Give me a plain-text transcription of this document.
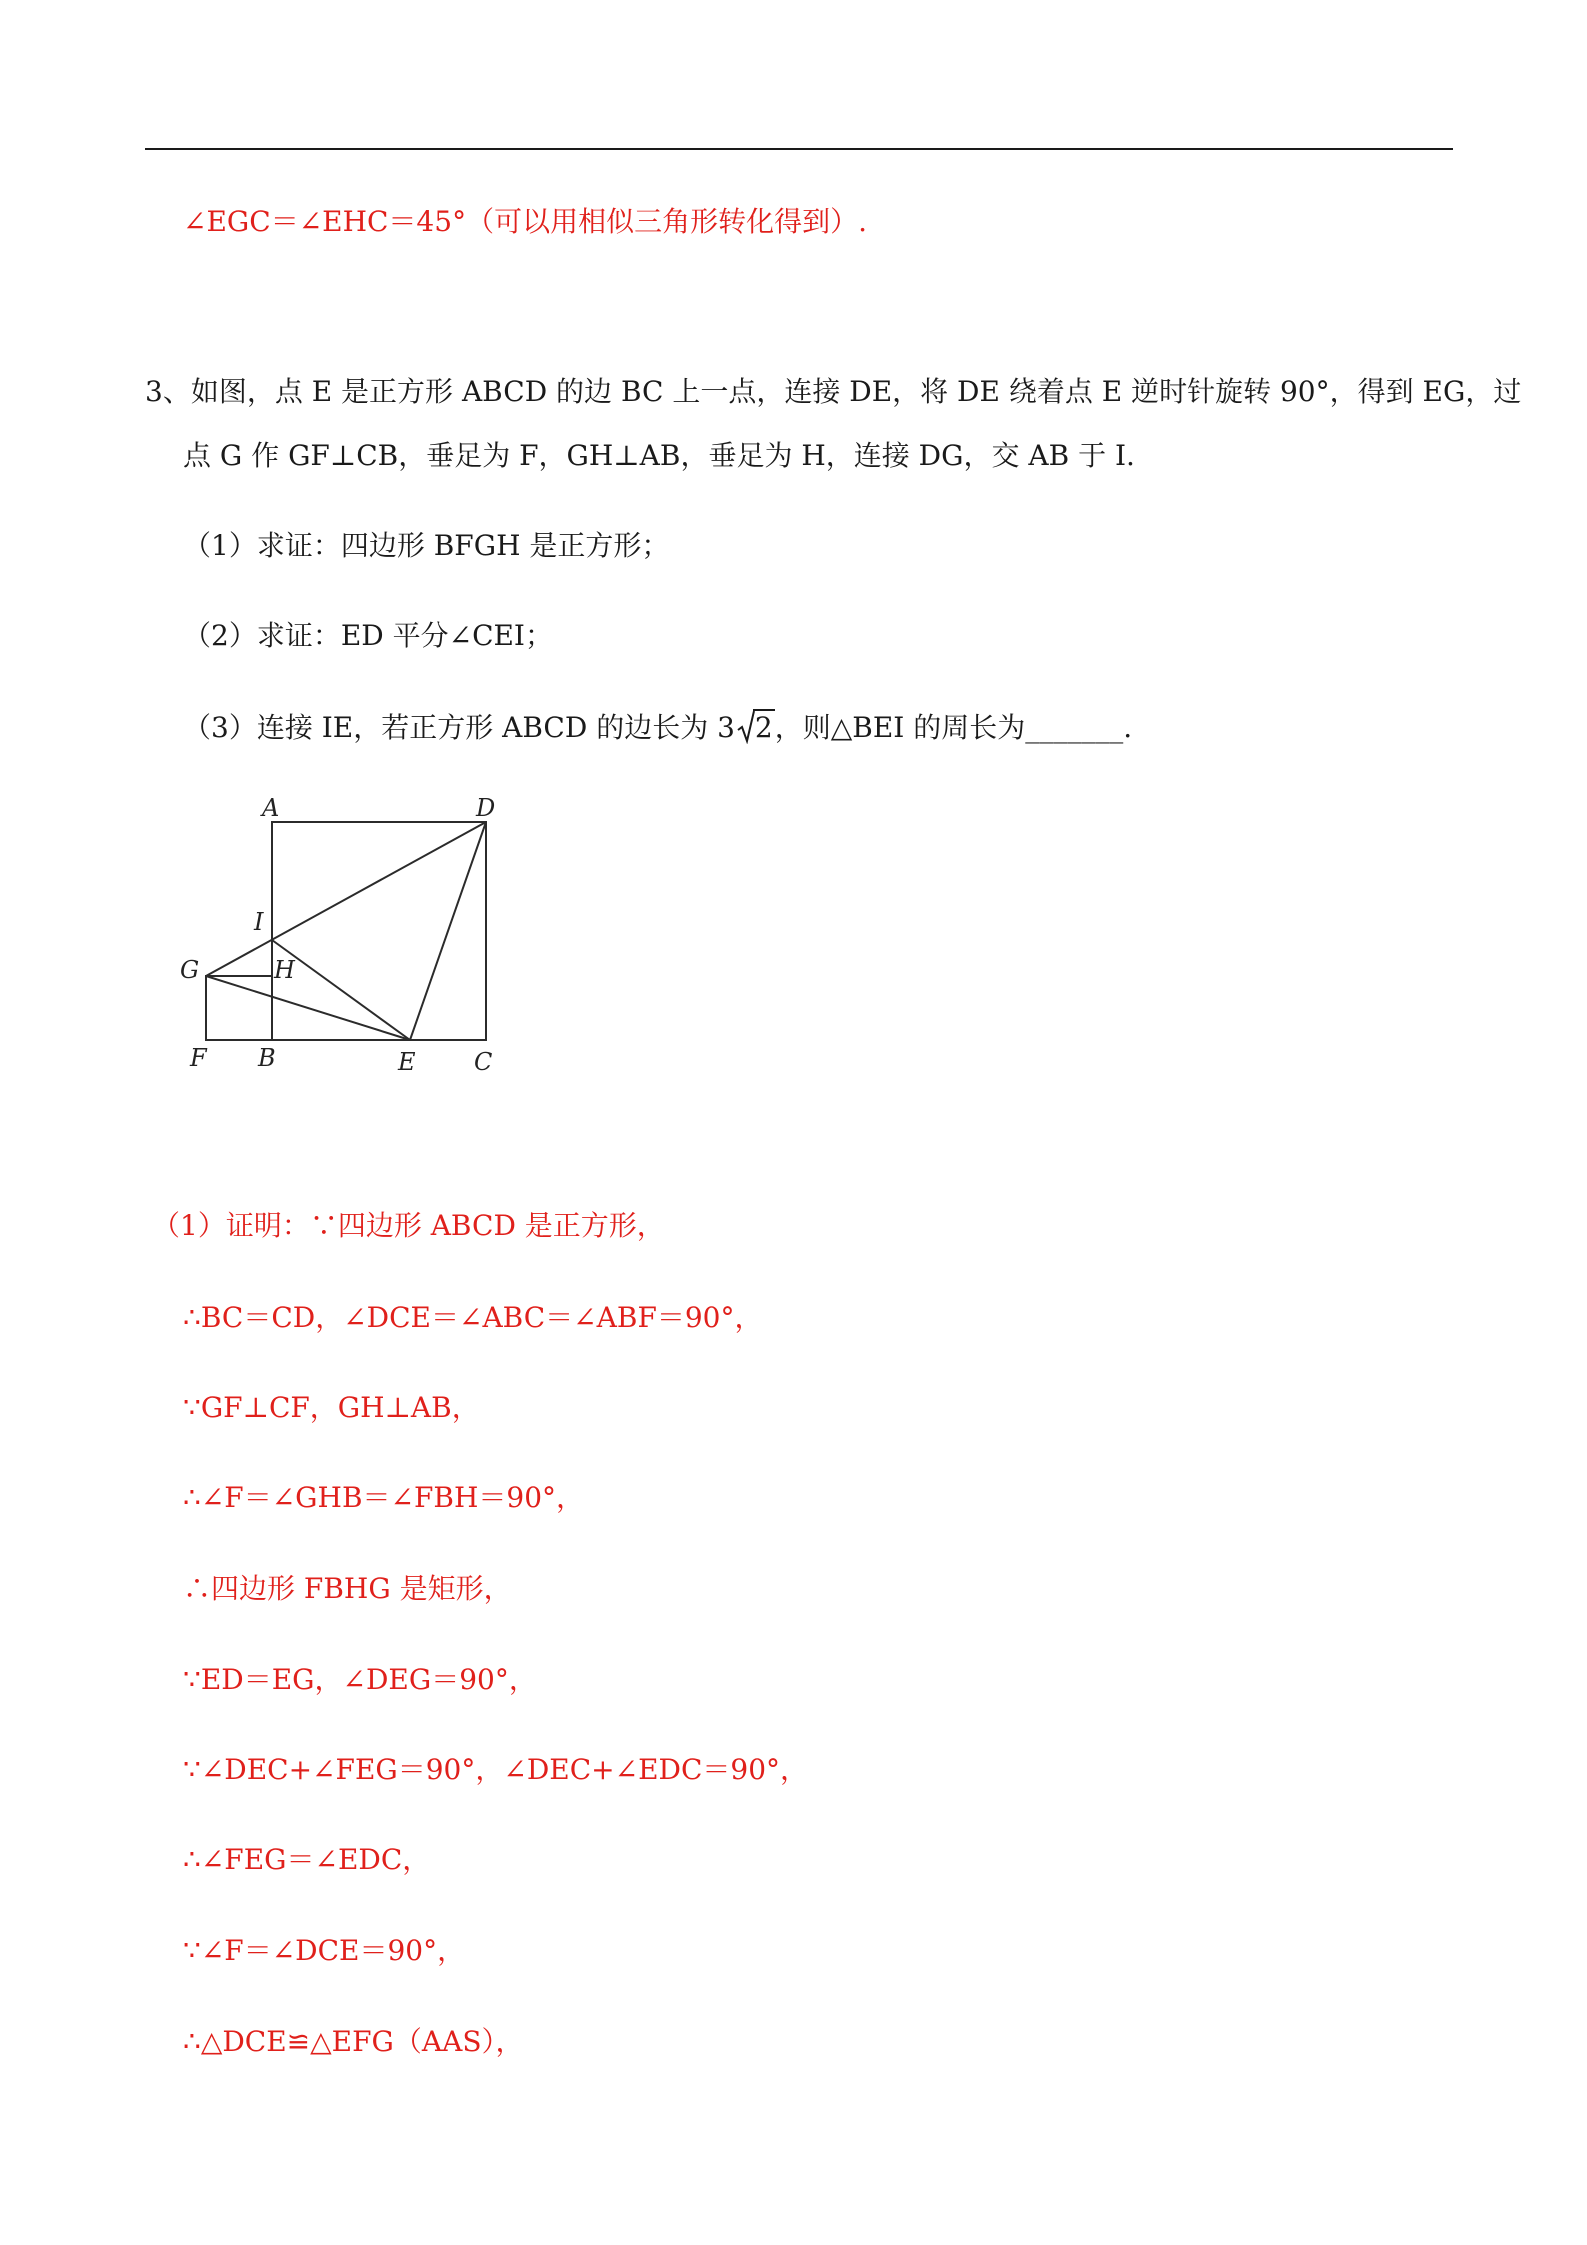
∠EGC＝∠EHC＝45°（可以用相似三角形转化得到）.
3、如图，点 E 是正方形 ABCD 的边 BC 上一点，连接 DE，将 DE 绕着点 E 逆时针旋转 90°，得到 EG，过
点 G 作 GF⊥CB，垂足为 F，GH⊥AB，垂足为 H，连接 DG，交 AB 于 I.
（1）求证：四边形 BFGH 是正方形；
（2）求证：ED 平分∠CEI；
（3）连接 IE，若正方形 ABCD 的边长为 3 2，则△BEI 的周长为_______.
A	D
I
G	H
F B	E C
（1）证明：∵四边形 ABCD 是正方形，
∴BC＝CD，∠DCE＝∠ABC＝∠ABF＝90°，
∵GF⊥CF，GH⊥AB，
∴∠F＝∠GHB＝∠FBH＝90°，
∴四边形 FBHG 是矩形，
∵ED＝EG，∠DEG＝90°，
∵∠DEC+∠FEG＝90°，∠DEC+∠EDC＝90°，
∴∠FEG＝∠EDC，
∵∠F＝∠DCE＝90°，
∴△DCE≌△EFG（AAS），
